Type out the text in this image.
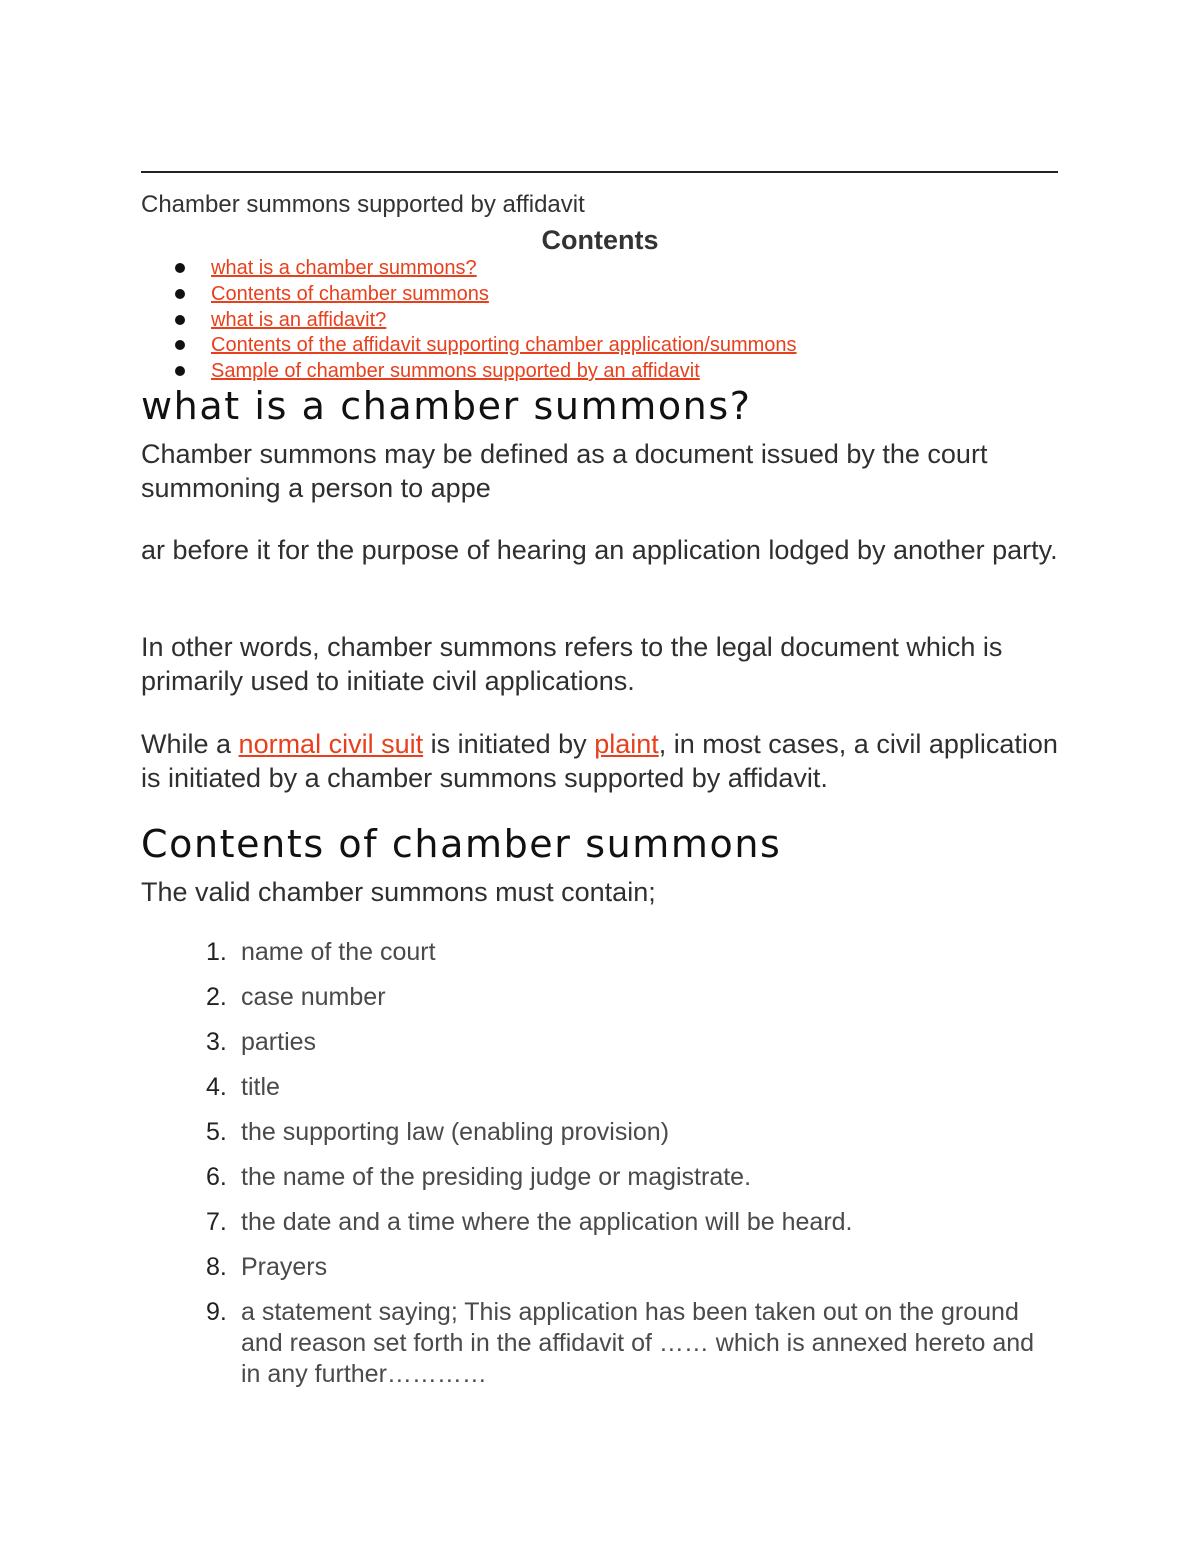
Chamber summons supported by affidavit
Contents
what is a chamber summons?
Contents of chamber summons
what is an affidavit?
Contents of the affidavit supporting chamber application/summons
Sample of chamber summons supported by an affidavit
what is a chamber summons?
Chamber summons may be defined as a document issued by the court summoning a person to appe
ar before it for the purpose of hearing an application lodged by another party.
In other words, chamber summons refers to the legal document which is primarily used to initiate civil applications.
While a normal civil suit is initiated by plaint, in most cases, a civil application is initiated by a chamber summons supported by affidavit.
Contents of chamber summons
The valid chamber summons must contain;
1. name of the court
2. case number
3. parties
4. title
5. the supporting law (enabling provision)
6. the name of the presiding judge or magistrate.
7. the date and a time where the application will be heard.
8. Prayers
9. a statement saying; This application has been taken out on the ground and reason set forth in the affidavit of …… which is annexed hereto and in any further…………
